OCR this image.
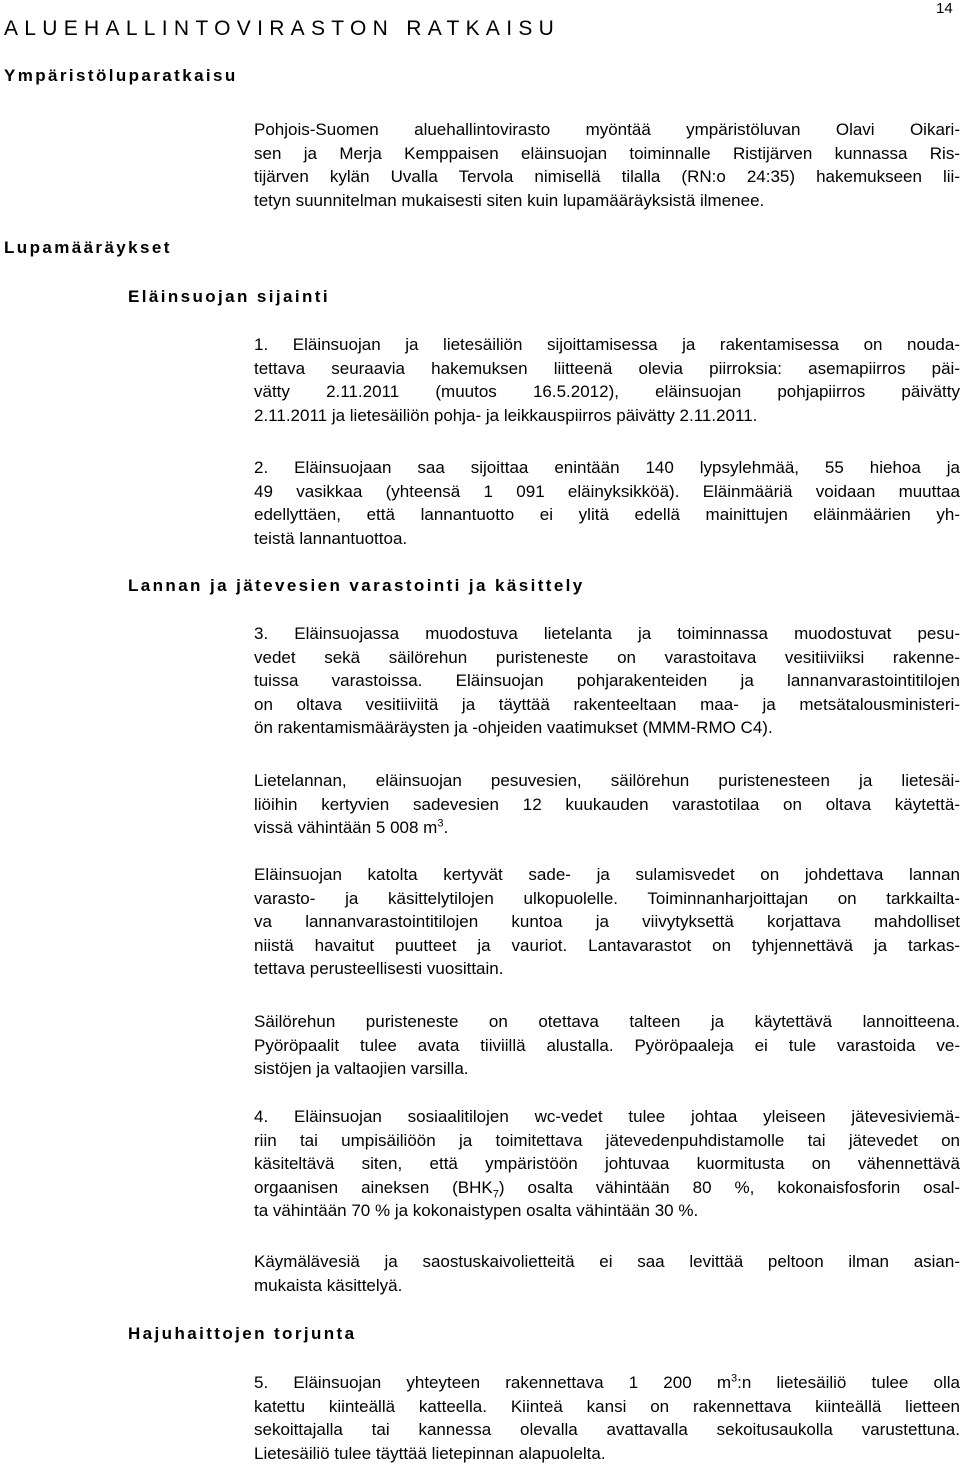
14
ALUEHALLINTOVIRASTON RATKAISU
Ympäristöluparatkaisu
Pohjois-Suomen aluehallintovirasto myöntää ympäristöluvan Olavi Oikari-
sen ja Merja Kemppaisen eläinsuojan toiminnalle Ristijärven kunnassa Ris-
tijärven kylän Uvalla Tervola nimisellä tilalla (RN:o 24:35) hakemukseen lii-
tetyn suunnitelman mukaisesti siten kuin lupamääräyksistä ilmenee.
Lupamääräykset
Eläinsuojan sijainti
1. Eläinsuojan ja lietesäiliön sijoittamisessa ja rakentamisessa on nouda-
tettava seuraavia hakemuksen liitteenä olevia piirroksia: asemapiirros päi-
vätty 2.11.2011 (muutos 16.5.2012), eläinsuojan pohjapiirros päivätty
2.11.2011 ja lietesäiliön pohja- ja leikkauspiirros päivätty 2.11.2011.
2. Eläinsuojaan saa sijoittaa enintään 140 lypsylehmää, 55 hiehoa ja
49 vasikkaa (yhteensä 1 091 eläinyksikköä). Eläinmääriä voidaan muuttaa
edellyttäen, että lannantuotto ei ylitä edellä mainittujen eläinmäärien yh-
teistä lannantuottoa.
Lannan ja jätevesien varastointi ja käsittely
3. Eläinsuojassa muodostuva lietelanta ja toiminnassa muodostuvat pesu-
vedet sekä säilörehun puristeneste on varastoitava vesitiiviiksi rakenne-
tuissa varastoissa. Eläinsuojan pohjarakenteiden ja lannanvarastointitilojen
on oltava vesitiiviitä ja täyttää rakenteeltaan maa- ja metsätalousministeri-
ön rakentamismääräysten ja -ohjeiden vaatimukset (MMM-RMO C4).
Lietelannan, eläinsuojan pesuvesien, säilörehun puristenesteen ja lietesäi-
liöihin kertyvien sadevesien 12 kuukauden varastotilaa on oltava käytettä-
vissä vähintään 5 008 $m^3$.
Eläinsuojan katolta kertyvät sade- ja sulamisvedet on johdettava lannan
varasto- ja käsittelytilojen ulkopuolelle. Toiminnanharjoittajan on tarkkailta-
va lannanvarastointitilojen kuntoa ja viivytyksettä korjattava mahdolliset
niistä havaitut puutteet ja vauriot. Lantavarastot on tyhjennettävä ja tarkas-
tettava perusteellisesti vuosittain.
Säilörehun puristeneste on otettava talteen ja käytettävä lannoitteena.
Pyöröpaalit tulee avata tiiviillä alustalla. Pyöröpaaleja ei tule varastoida ve-
sistöjen ja valtaojien varsilla.
4. Eläinsuojan sosiaalitilojen wc-vedet tulee johtaa yleiseen jätevesiviemä-
riin tai umpisäiliöön ja toimitettava jätevedenpuhdistamolle tai jätevedet on
käsiteltävä siten, että ympäristöön johtuvaa kuormitusta on vähennettävä
orgaanisen aineksen $(BHK_7)$ osalta vähintään 80 %, kokonaisfosforin osal-
ta vähintään 70 % ja kokonaistypen osalta vähintään 30 %.
Käymälävesiä ja saostuskaivolietteitä ei saa levittää peltoon ilman asian-
mukaista käsittelyä.
Hajuhaittojen torjunta
5. Eläinsuojan yhteyteen rakennettava 1 200 $m^3:n$ lietesäiliö tulee olla
katettu kiinteällä katteella. Kiinteä kansi on rakennettava kiinteällä lietteen
sekoittajalla tai kannessa olevalla avattavalla sekoitusaukolla varustettuna.
Lietesäiliö tulee täyttää lietepinnan alapuolelta.
